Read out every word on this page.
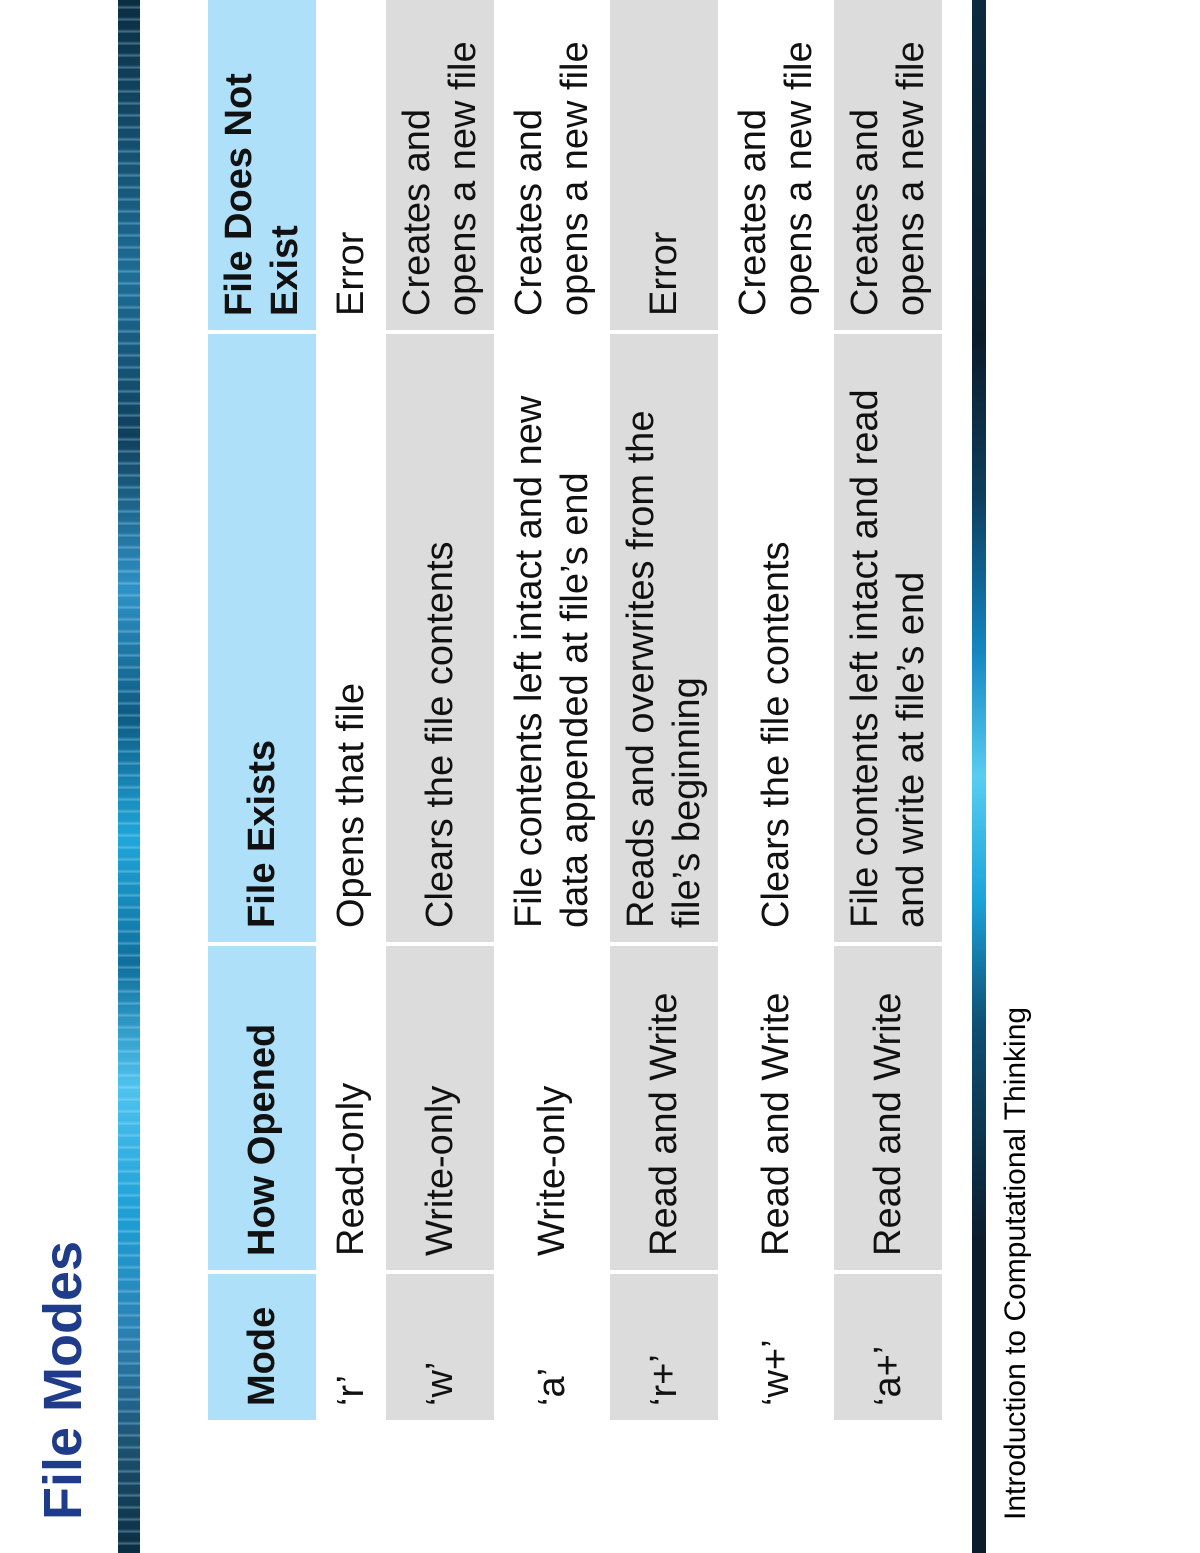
File Modes	Mode	How Opened	File Exists	File Does Not Exist
‘r’	Read-only	Opens that file	Error
‘w’	Write-only	Clears the file contents	Creates and opens a new file
‘a’	Write-only	File contents left intact and new data appended at file’s end	Creates and opens a new file
‘r+’	Read and Write	Reads and overwrites from the file’s beginning	Error
‘w+’	Read and Write	Clears the file contents	Creates and opens a new file
‘a+’	Read and Write	File contents left intact and read and write at file’s end	Creates and opens a new file
Introduction to Computational Thinking
